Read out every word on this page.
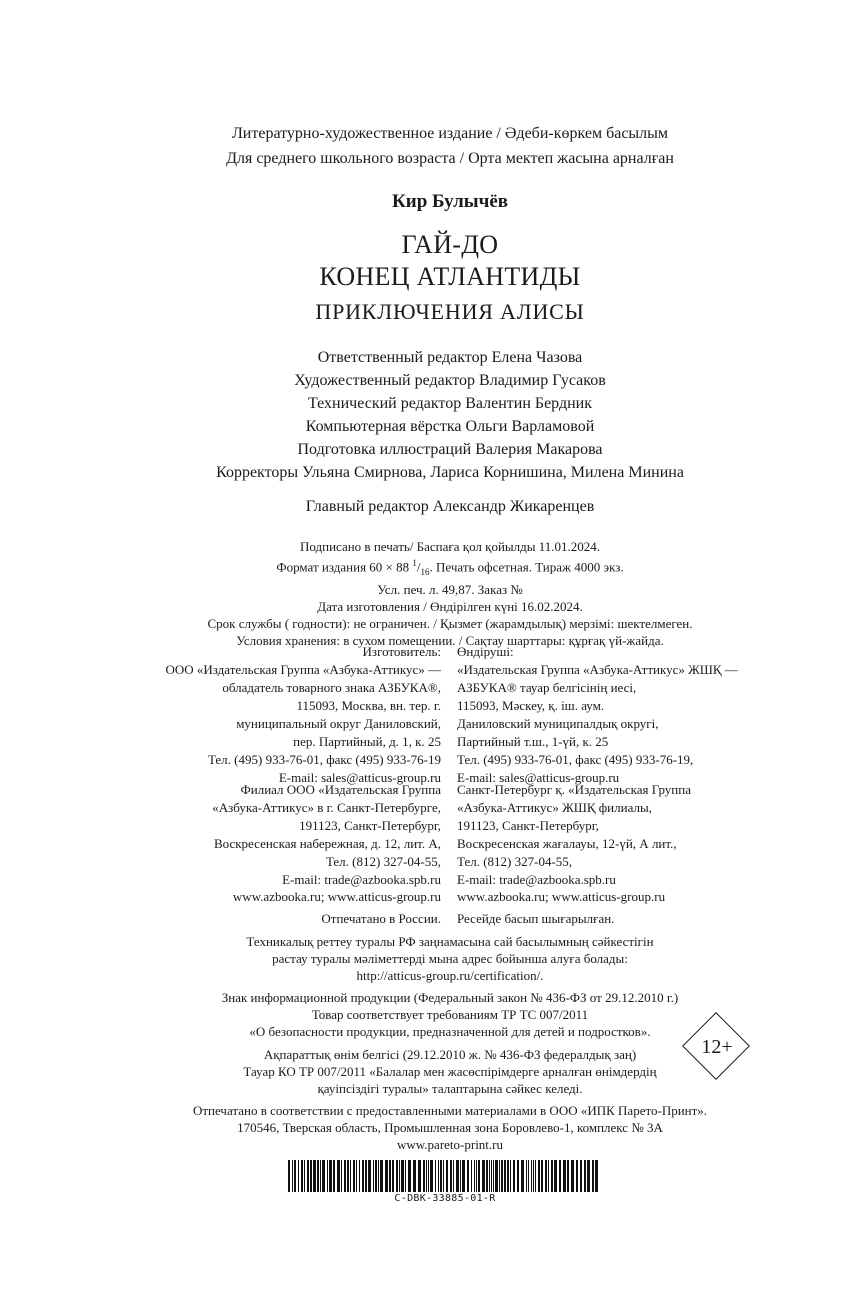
Литературно-художественное издание / Әдеби-көркем басылым
Для среднего школьного возраста / Орта мектеп жасына арналған
Кир Булычёв
ГАЙ-ДО
КОНЕЦ АТЛАНТИДЫ
ПРИКЛЮЧЕНИЯ АЛИСЫ
Ответственный редактор Елена Чазова
Художественный редактор Владимир Гусаков
Технический редактор Валентин Бердник
Компьютерная вёрстка Ольги Варламовой
Подготовка иллюстраций Валерия Макарова
Корректоры Ульяна Смирнова, Лариса Корнишина, Милена Минина
Главный редактор Александр Жикаренцев
Подписано в печать/ Баспаға қол қойылды 11.01.2024.
Формат издания 60 × 88 $^1/_{16}$. Печать офсетная. Тираж 4000 экз.
Усл. печ. л. 49,87. Заказ №
Дата изготовления / Өндірілген күні 16.02.2024.
Срок службы ( годности): не ограничен. / Қызмет (жарамдылық) мерзімі: шектелмеген.
Условия хранения: в сухом помещении. / Сақтау шарттары: құрғақ үй-жайда.
Изготовитель:
ООО «Издательская Группа «Азбука-Аттикус» —
обладатель товарного знака АЗБУКА®,
115093, Москва, вн. тер. г.
муниципальный округ Даниловский,
пер. Партийный, д. 1, к. 25
Тел. (495) 933-76-01, факс (495) 933-76-19
E-mail: sales@atticus-group.ru
Өндіруші:
«Издательская Группа «Азбука-Аттикус» ЖШҚ —
АЗБУКА® тауар белгісінің иесі,
115093, Мәскеу, қ. іш. аум.
Даниловский муниципалдық округі,
Партийный т.ш., 1-үй, к. 25
Тел. (495) 933-76-01, факс (495) 933-76-19,
E-mail: sales@atticus-group.ru
Филиал ООО «Издательская Группа
«Азбука-Аттикус» в г. Санкт-Петербурге,
191123, Санкт-Петербург,
Воскресенская набережная, д. 12, лит. А,
Тел. (812) 327-04-55,
E-mail: trade@azbooka.spb.ru
Санкт-Петербург қ. «Издательская Группа
«Азбука-Аттикус» ЖШҚ филиалы,
191123, Санкт-Петербург,
Воскресенская жағалауы, 12-үй, А лит.,
Тел. (812) 327-04-55,
E-mail: trade@azbooka.spb.ru
www.azbooka.ru; www.atticus-group.ru www.azbooka.ru; www.atticus-group.ru
Отпечатано в России. Ресейде басып шығарылған.
Техникалық реттеу туралы РФ заңнамасына сай басылымның сәйкестігін
растау туралы мәліметтерді мына адрес бойынша алуға болады:
http://atticus-group.ru/certification/.
Знак информационной продукции (Федеральный закон № 436-ФЗ от 29.12.2010 г.)
Товар соответствует требованиям ТР ТС 007/2011
«О безопасности продукции, предназначенной для детей и подростков».
Ақпараттық өнім белгісі (29.12.2010 ж. № 436-ФЗ федералдық заң)
Тауар КО ТР 007/2011 «Балалар мен жасөспірімдерге арналған өнімдердің
қауіпсіздігі туралы» талаптарына сәйкес келеді.
12+
Отпечатано в соответствии с предоставленными материалами в ООО «ИПК Парето-Принт».
170546, Тверская область, Промышленная зона Боровлево-1, комплекс № 3А
www.pareto-print.ru
C-DBK-33885-01-R
